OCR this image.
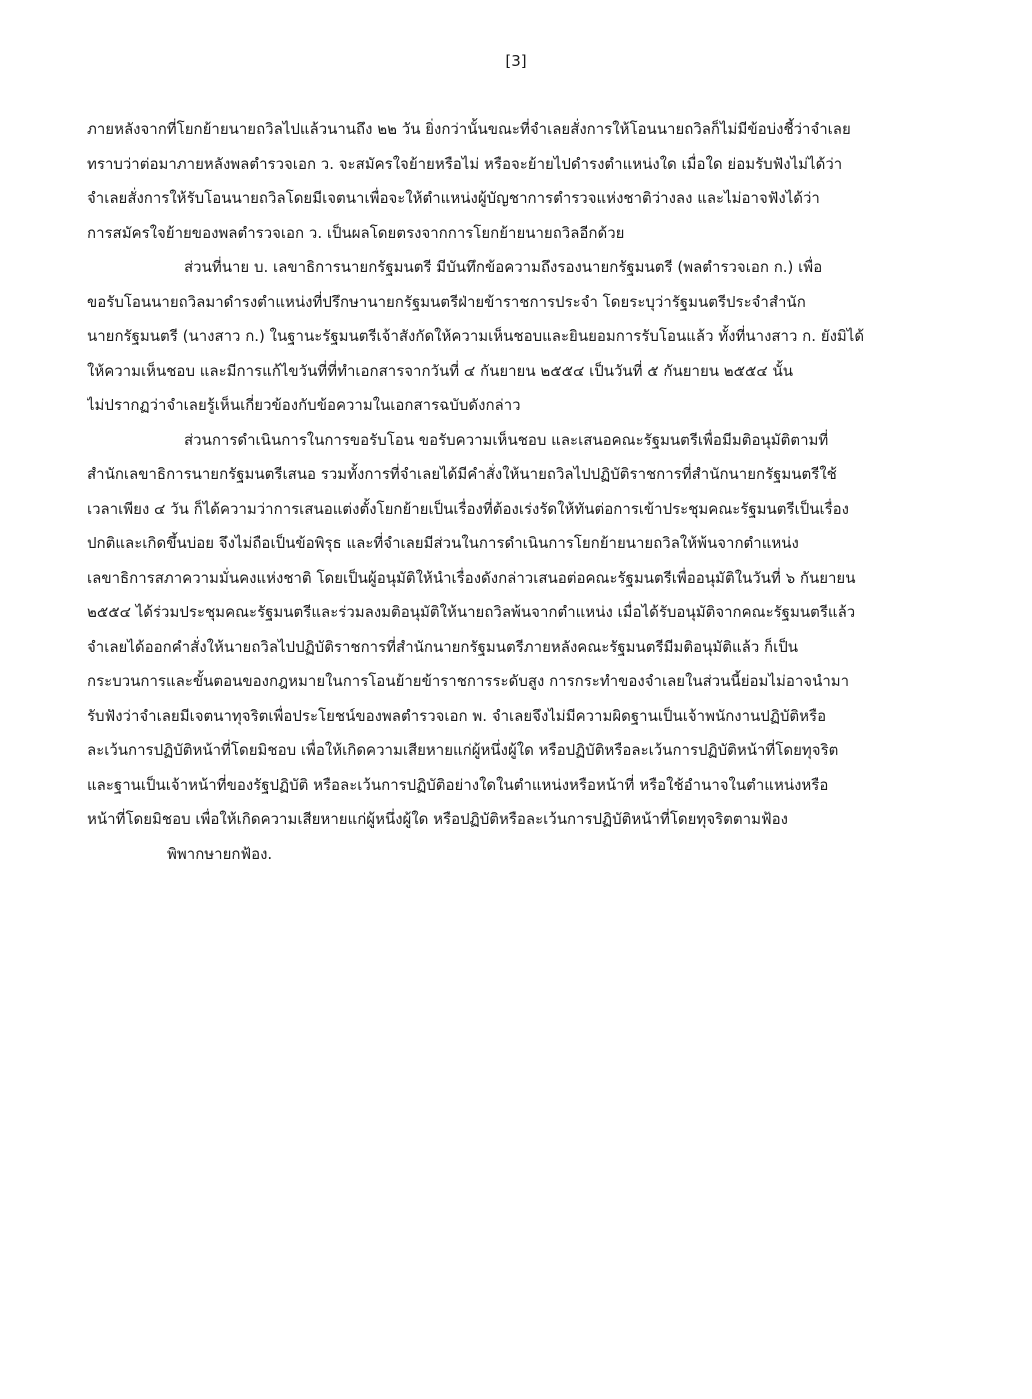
[3]
ภายหลังจากที่โยกย้ายนายถวิลไปแล้วนานถึง ๒๒ วัน ยิ่งกว่านั้นขณะที่จำเลยสั่งการให้โอนนายถวิลก็ไม่มีข้อบ่งชี้ว่าจำเลย
ทราบว่าต่อมาภายหลังพลตำรวจเอก ว. จะสมัครใจย้ายหรือไม่ หรือจะย้ายไปดำรงตำแหน่งใด เมื่อใด ย่อมรับฟังไม่ได้ว่า
จำเลยสั่งการให้รับโอนนายถวิลโดยมีเจตนาเพื่อจะให้ตำแหน่งผู้บัญชาการตำรวจแห่งชาติว่างลง และไม่อาจฟังได้ว่า
การสมัครใจย้ายของพลตำรวจเอก ว. เป็นผลโดยตรงจากการโยกย้ายนายถวิลอีกด้วย
ส่วนที่นาย บ. เลขาธิการนายกรัฐมนตรี มีบันทึกข้อความถึงรองนายกรัฐมนตรี (พลตำรวจเอก ก.) เพื่อ
ขอรับโอนนายถวิลมาดำรงตำแหน่งที่ปรึกษานายกรัฐมนตรีฝ่ายข้าราชการประจำ โดยระบุว่ารัฐมนตรีประจำสำนัก
นายกรัฐมนตรี (นางสาว ก.) ในฐานะรัฐมนตรีเจ้าสังกัดให้ความเห็นชอบและยินยอมการรับโอนแล้ว ทั้งที่นางสาว ก. ยังมิได้
ให้ความเห็นชอบ และมีการแก้ไขวันที่ที่ทำเอกสารจากวันที่ ๔ กันยายน ๒๕๕๔ เป็นวันที่ ๕ กันยายน ๒๕๕๔ นั้น
ไม่ปรากฏว่าจำเลยรู้เห็นเกี่ยวข้องกับข้อความในเอกสารฉบับดังกล่าว
ส่วนการดำเนินการในการขอรับโอน ขอรับความเห็นชอบ และเสนอคณะรัฐมนตรีเพื่อมีมติอนุมัติตามที่
สำนักเลขาธิการนายกรัฐมนตรีเสนอ รวมทั้งการที่จำเลยได้มีคำสั่งให้นายถวิลไปปฏิบัติราชการที่สำนักนายกรัฐมนตรีใช้
เวลาเพียง ๔ วัน ก็ได้ความว่าการเสนอแต่งตั้งโยกย้ายเป็นเรื่องที่ต้องเร่งรัดให้ทันต่อการเข้าประชุมคณะรัฐมนตรีเป็นเรื่อง
ปกติและเกิดขึ้นบ่อย จึงไม่ถือเป็นข้อพิรุธ และที่จำเลยมีส่วนในการดำเนินการโยกย้ายนายถวิลให้พ้นจากตำแหน่ง
เลขาธิการสภาความมั่นคงแห่งชาติ โดยเป็นผู้อนุมัติให้นำเรื่องดังกล่าวเสนอต่อคณะรัฐมนตรีเพื่ออนุมัติในวันที่ ๖ กันยายน
๒๕๕๔ ได้ร่วมประชุมคณะรัฐมนตรีและร่วมลงมติอนุมัติให้นายถวิลพ้นจากตำแหน่ง เมื่อได้รับอนุมัติจากคณะรัฐมนตรีแล้ว
จำเลยได้ออกคำสั่งให้นายถวิลไปปฏิบัติราชการที่สำนักนายกรัฐมนตรีภายหลังคณะรัฐมนตรีมีมติอนุมัติแล้ว ก็เป็น
กระบวนการและขั้นตอนของกฎหมายในการโอนย้ายข้าราชการระดับสูง การกระทำของจำเลยในส่วนนี้ย่อมไม่อาจนำมา
รับฟังว่าจำเลยมีเจตนาทุจริตเพื่อประโยชน์ของพลตำรวจเอก พ. จำเลยจึงไม่มีความผิดฐานเป็นเจ้าพนักงานปฏิบัติหรือ
ละเว้นการปฏิบัติหน้าที่โดยมิชอบ เพื่อให้เกิดความเสียหายแก่ผู้หนึ่งผู้ใด หรือปฏิบัติหรือละเว้นการปฏิบัติหน้าที่โดยทุจริต
และฐานเป็นเจ้าหน้าที่ของรัฐปฏิบัติ หรือละเว้นการปฏิบัติอย่างใดในตำแหน่งหรือหน้าที่ หรือใช้อำนาจในตำแหน่งหรือ
หน้าที่โดยมิชอบ เพื่อให้เกิดความเสียหายแก่ผู้หนึ่งผู้ใด หรือปฏิบัติหรือละเว้นการปฏิบัติหน้าที่โดยทุจริตตามฟ้อง
พิพากษายกฟ้อง.
